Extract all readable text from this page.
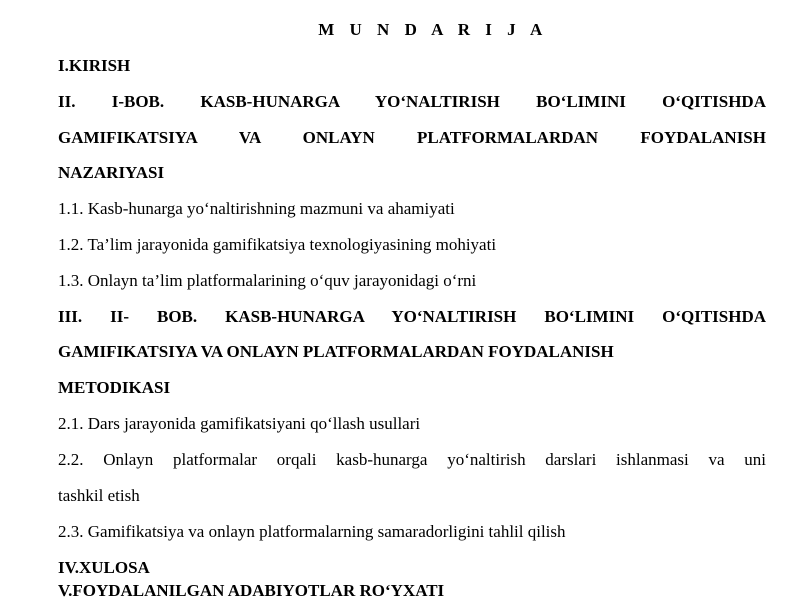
M U N D A R I J A
I.KIRISH
II. I-BOB. KASB-HUNARGA YO‘NALTIRISH BO‘LIMINI O‘QITISHDA
GAMIFIKATSIYA VA ONLAYN PLATFORMALARDAN FOYDALANISH
NAZARIYASI
1.1. Kasb-hunarga yo‘naltirishning mazmuni va ahamiyati
1.2. Ta’lim jarayonida gamifikatsiya texnologiyasining mohiyati
1.3. Onlayn ta’lim platformalarining o‘quv jarayonidagi o‘rni
III. II- BOB. KASB-HUNARGA YO‘NALTIRISH BO‘LIMINI O‘QITISHDA
GAMIFIKATSIYA VA ONLAYN PLATFORMALARDAN FOYDALANISH
METODIKASI
2.1. Dars jarayonida gamifikatsiyani qo‘llash usullari
2.2. Onlayn platformalar orqali kasb-hunarga yo‘naltirish darslari ishlanmasi va uni
tashkil etish
2.3. Gamifikatsiya va onlayn platformalarning samaradorligini tahlil qilish
IV.XULOSA
V.FOYDALANILGAN ADABIYOTLAR RO‘YXATI
